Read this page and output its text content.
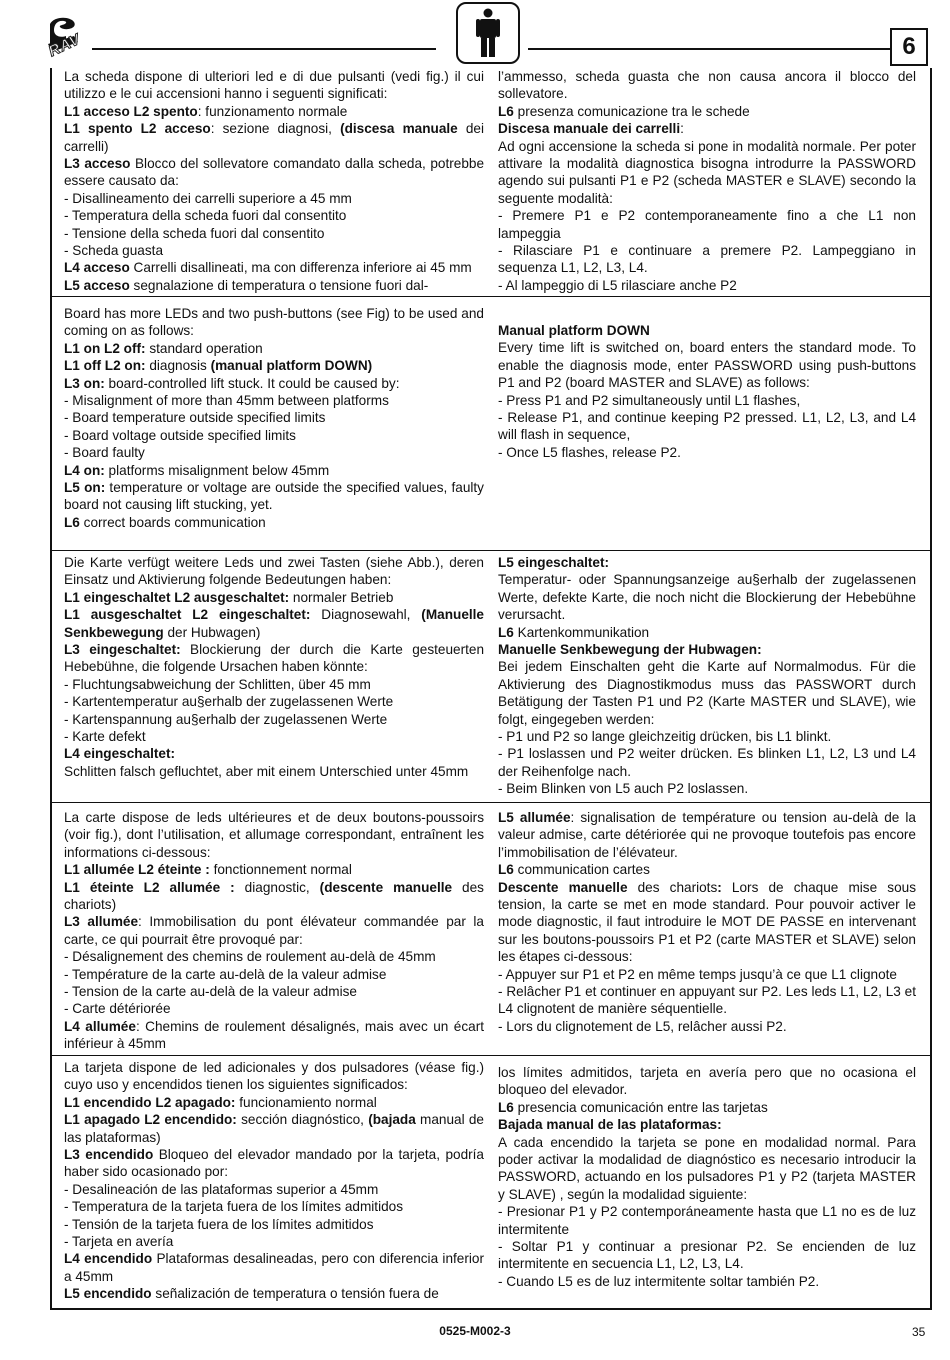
RAV	6

La scheda dispone di ulteriori led e di due pulsanti (vedi fig.) il cui utilizzo e le cui accensioni hanno i seguenti significati:

L1 acceso L2 spento: funzionamento normale

L1 spento L2 acceso: sezione diagnosi, (discesa manuale dei carrelli)

L3 acceso Blocco del sollevatore comandato dalla scheda, potrebbe essere causato da:

- Disallineamento dei carrelli superiore a 45 mm

- Temperatura della scheda fuori dal consentito

- Tensione della scheda fuori dal consentito

- Scheda guasta

L4 acceso Carrelli disallineati, ma con differenza inferiore ai 45 mm

L5 acceso segnalazione di temperatura o tensione fuori dal-

l’ammesso, scheda guasta che non causa ancora il blocco del sollevatore.

L6 presenza comunicazione tra le schede

Discesa manuale dei carrelli:

Ad ogni accensione la scheda si pone in modalità normale. Per poter attivare la modalità diagnostica bisogna introdurre la PASSWORD agendo sui pulsanti P1 e P2 (scheda MASTER e SLAVE) secondo la seguente modalità:

- Premere P1 e P2 contemporaneamente fino a che L1 non lampeggia

- Rilasciare P1 e continuare a premere P2. Lampeggiano in sequenza L1, L2, L3, L4.

- Al lampeggio di L5 rilasciare anche P2

Board has more LEDs and two push-buttons (see Fig) to be used and coming on as follows:

L1 on L2 off: standard operation

L1 off L2 on: diagnosis (manual platform DOWN)

L3 on: board-controlled lift stuck. It could be caused by:

- Misalignment of more than 45mm between platforms

- Board temperature outside specified limits

- Board voltage outside specified limits

- Board faulty

L4 on: platforms misalignment below 45mm

L5 on: temperature or voltage are outside the specified values, faulty board not causing lift stucking, yet.

L6 correct boards communication

Manual platform DOWN

Every time lift is switched on, board enters the standard mode. To enable the diagnosis mode, enter PASSWORD using push-buttons P1 and P2 (board MASTER and SLAVE) as follows:

- Press P1 and P2 simultaneously until L1 flashes,

- Release P1, and continue keeping P2 pressed. L1, L2, L3, and L4 will flash in sequence,

- Once L5 flashes, release P2.

Die Karte verfügt weitere Leds und zwei Tasten (siehe Abb.), deren Einsatz und Aktivierung folgende Bedeutungen haben:

L1 eingeschaltet L2 ausgeschaltet: normaler Betrieb

L1 ausgeschaltet L2 eingeschaltet: Diagnosewahl, (Manuelle Senkbewegung der Hubwagen)

L3 eingeschaltet: Blockierung der durch die Karte gesteuerten Hebebühne, die folgende Ursachen haben könnte:

- Fluchtungsabweichung der Schlitten, über 45 mm

- Kartentemperatur au§erhalb der zugelassenen Werte

- Kartenspannung au§erhalb der zugelassenen Werte

- Karte defekt

L4 eingeschaltet:

Schlitten falsch gefluchtet, aber mit einem Unterschied unter 45mm

L5 eingeschaltet:

Temperatur- oder Spannungsanzeige au§erhalb der zugelassenen Werte, defekte Karte, die noch nicht die Blockierung der Hebebühne verursacht.

L6 Kartenkommunikation

Manuelle Senkbewegung der Hubwagen:

Bei jedem Einschalten geht die Karte auf Normalmodus. Für die Aktivierung des Diagnostikmodus muss das PASSWORT durch Betätigung der Tasten P1 und P2 (Karte MASTER und SLAVE), wie folgt, eingegeben werden:

- P1 und P2 so lange gleichzeitig drücken, bis L1 blinkt.

- P1 loslassen und P2 weiter drücken. Es blinken L1, L2, L3 und L4 der Reihenfolge nach.

- Beim Blinken von L5 auch P2 loslassen.

La carte dispose de leds ultérieures et de deux boutons-poussoirs (voir fig.), dont l’utilisation, et allumage correspondant, entraînent les informations ci-dessous:

L1 allumée L2 éteinte : fonctionnement normal

L1 éteinte L2 allumée : diagnostic, (descente manuelle des chariots)

L3 allumée: Immobilisation du pont élévateur commandée par la carte, ce qui pourrait être provoqué par:

- Désalignement des chemins de roulement au-delà de 45mm

- Température de la carte au-delà de la valeur admise

- Tension de la carte au-delà de la valeur admise

- Carte détériorée

L4 allumée: Chemins de roulement désalignés, mais avec un écart inférieur à 45mm

L5 allumée: signalisation de température ou tension au-delà de la valeur admise, carte détériorée qui ne provoque toutefois pas encore l’immobilisation de l’élévateur.

L6 communication cartes

Descente manuelle des chariots: Lors de chaque mise sous tension, la carte se met en mode standard. Pour pouvoir activer le mode diagnostic, il faut introduire le MOT DE PASSE en intervenant sur les boutons-poussoirs P1 et P2 (carte MASTER et SLAVE) selon les étapes ci-dessous:

- Appuyer sur P1 et P2 en même temps jusqu’à ce que L1 clignote

- Relâcher P1 et continuer en appuyant sur P2. Les leds L1, L2, L3 et L4 clignotent de manière séquentielle.

- Lors du clignotement de L5, relâcher aussi P2.

La tarjeta dispone de led adicionales y dos pulsadores (véase fig.) cuyo uso y encendidos tienen los siguientes significados:

L1 encendido L2 apagado: funcionamiento normal

L1 apagado L2 encendido: sección diagnóstico, (bajada manual de las plataformas)

L3 encendido Bloqueo del elevador mandado por la tarjeta, podría haber sido ocasionado por:

- Desalineación de las plataformas superior a 45mm

- Temperatura de la tarjeta fuera de los límites admitidos

- Tensión de la tarjeta fuera de los límites admitidos

- Tarjeta en avería

L4 encendido Plataformas desalineadas, pero con diferencia inferior a 45mm

L5 encendido señalización de temperatura o tensión fuera de

los límites admitidos, tarjeta en avería pero que no ocasiona el bloqueo del elevador.

L6 presencia comunicación entre las tarjetas

Bajada manual de las plataformas:

A cada encendido la tarjeta se pone en modalidad normal. Para poder activar la modalidad de diagnóstico es necesario introducir la PASSWORD, actuando en los pulsadores P1 y P2 (tarjeta MASTER y SLAVE) , según la modalidad siguiente:

- Presionar P1 y P2 contemporáneamente hasta que L1 no es de luz intermitente

- Soltar P1 y continuar a presionar P2. Se encienden de luz intermitente en secuencia L1, L2, L3, L4.

- Cuando L5 es de luz intermitente soltar también P2.

0525-M002-3	35
